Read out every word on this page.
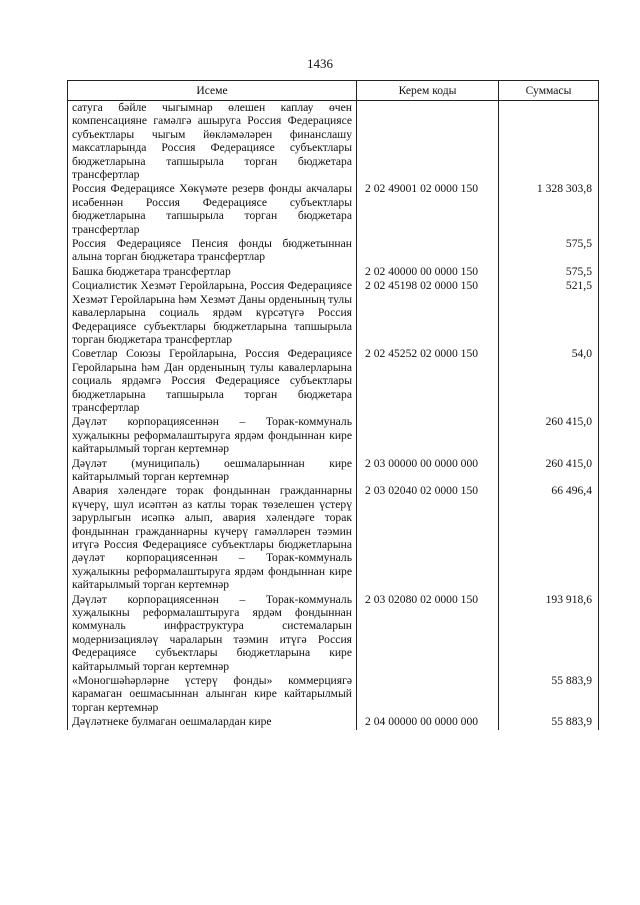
1436
Исеме	Керем коды	Суммасы
сатуга бәйле чыгымнар өлешен каплау өчен компенсацияне гамәлгә ашыруга Россия Федерациясе субъектлары чыгым йөкләмәләрен финанслашу максатларында Россия Федерациясе субъектлары бюджетларына тапшырыла торган бюджетара трансфертлар		
Россия Федерациясе Хөкүмәте резерв фонды акчалары исәбеннән Россия Федерациясе субъектлары бюджетларына тапшырыла торган бюджетара трансфертлар	2 02 49001 02 0000 150	1 328 303,8
Россия Федерациясе Пенсия фонды бюджетыннан алына торган бюджетара трансфертлар		575,5
Башка бюджетара трансфертлар	2 02 40000 00 0000 150	575,5
Социалистик Хезмәт Геройларына, Россия Федерациясе Хезмәт Геройларына һәм Хезмәт Даны орденының тулы кавалерларына социаль ярдәм күрсәтүгә Россия Федерациясе субъектлары бюджетларына тапшырыла торган бюджетара трансфертлар	2 02 45198 02 0000 150	521,5
Советлар Союзы Геройларына, Россия Федерациясе Геройларына һәм Дан орденының тулы кавалерларына социаль ярдәмгә Россия Федерациясе субъектлары бюджетларына тапшырыла торган бюджетара трансфертлар	2 02 45252 02 0000 150	54,0
Дәүләт корпорациясеннән – Торак-коммуналь хуҗалыкны реформалаштыруга ярдәм фондыннан кире кайтарылмый торган кертемнәр		260 415,0
Дәүләт (муниципаль) оешмаларыннан кире кайтарылмый торган кертемнәр	2 03 00000 00 0000 000	260 415,0
Авария хәлендәге торак фондыннан гражданнарны күчерү, шул исәптән аз катлы торак төзелешен үстерү зарурлыгын исәпкә алып, авария хәлендәге торак фондыннан гражданнарны күчерү гамәлләрен тәэмин итүгә Россия Федерациясе субъектлары бюджетларына дәүләт корпорациясеннән – Торак-коммуналь хуҗалыкны реформалаштыруга ярдәм фондыннан кире кайтарылмый торган кертемнәр	2 03 02040 02 0000 150	66 496,4
Дәүләт корпорациясеннән – Торак-коммуналь хуҗалыкны реформалаштыруга ярдәм фондыннан коммуналь инфраструктура системаларын модернизацияләү чараларын тәэмин итүгә Россия Федерациясе субъектлары бюджетларына кире кайтарылмый торган кертемнәр	2 03 02080 02 0000 150	193 918,6
«Моногшәһәрләрне үстерү фонды» коммерциягә карамаган оешмасыннан алынган кире кайтарылмый торган кертемнәр		55 883,9
Дәүләтнеке булмаган оешмалардан кире	2 04 00000 00 0000 000	55 883,9
